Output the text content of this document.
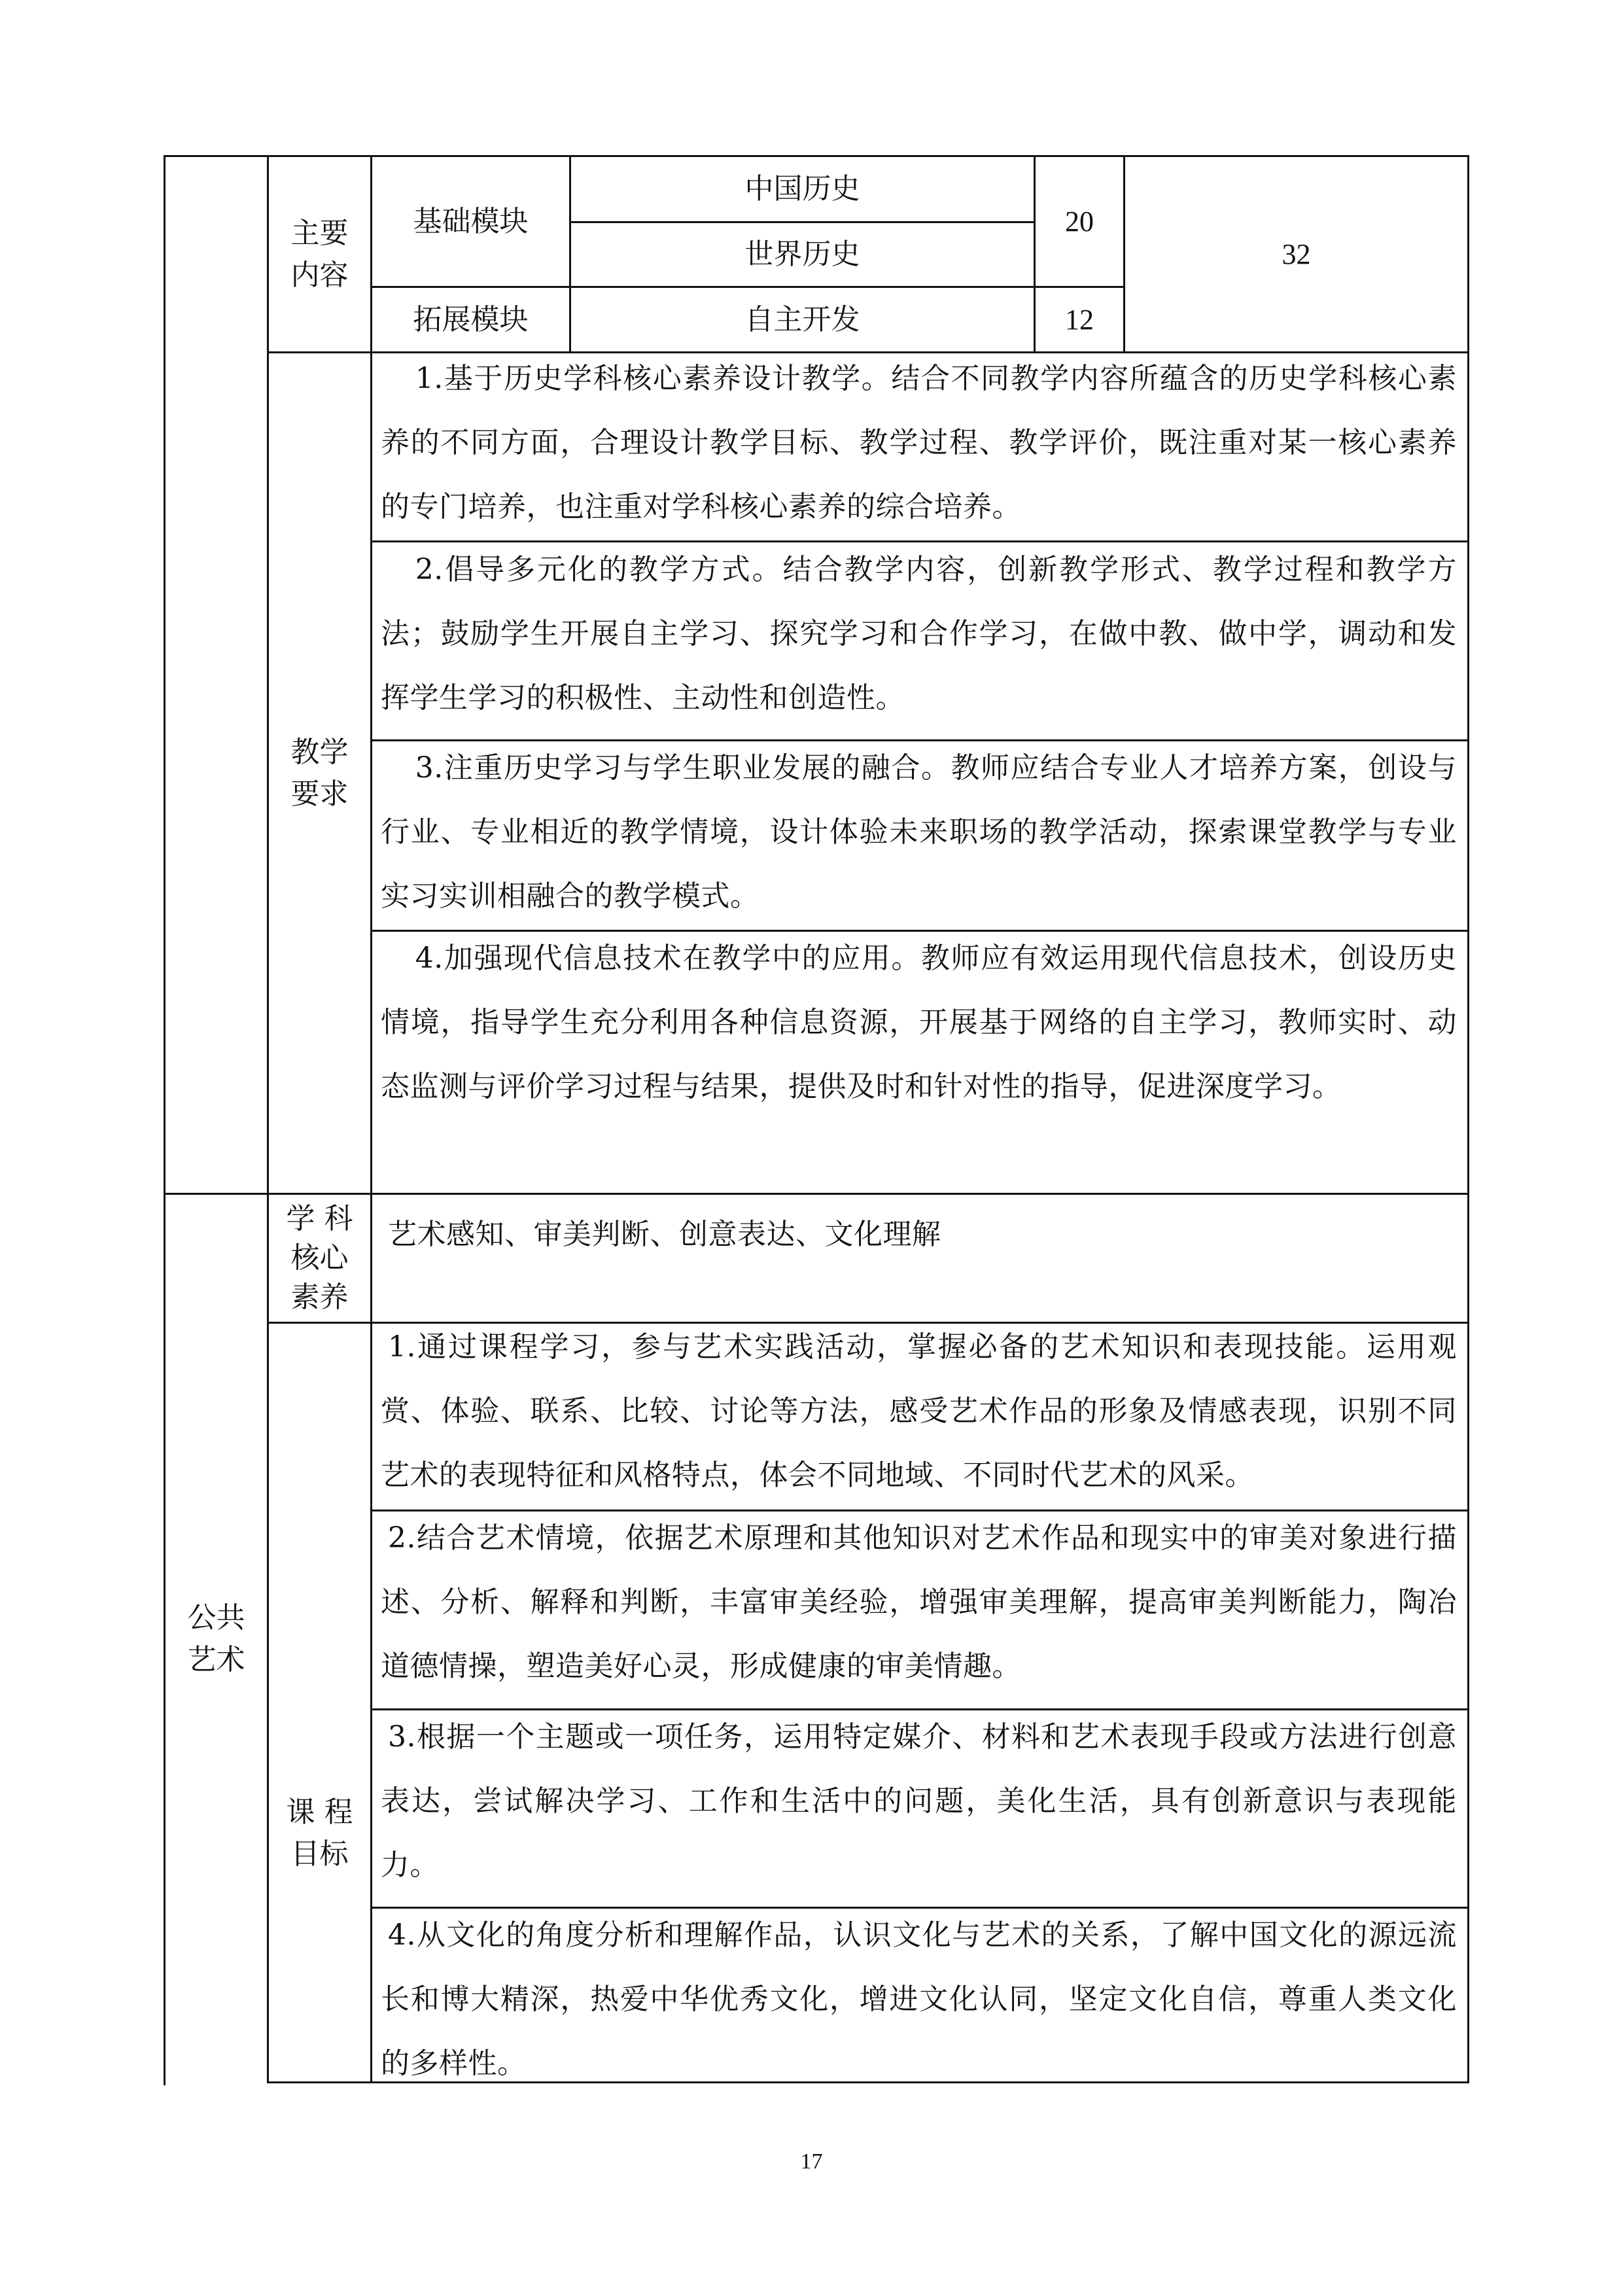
主要
内容
基础模块
中国历史
世界历史
20
拓展模块	自主开发	12
32
教学
要求
1.基于历史学科核心素养设计教学。结合不同教学内容所蕴含的历史学科核心素养的不同方面，合理设计教学目标、教学过程、教学评价，既注重对某一核心素养的专门培养，也注重对学科核心素养的综合培养。
2.倡导多元化的教学方式。结合教学内容，创新教学形式、教学过程和教学方法；鼓励学生开展自主学习、探究学习和合作学习，在做中教、做中学，调动和发挥学生学习的积极性、主动性和创造性。
3.注重历史学习与学生职业发展的融合。教师应结合专业人才培养方案，创设与行业、专业相近的教学情境，设计体验未来职场的教学活动，探索课堂教学与专业实习实训相融合的教学模式。
4.加强现代信息技术在教学中的应用。教师应有效运用现代信息技术，创设历史情境，指导学生充分利用各种信息资源，开展基于网络的自主学习，教师实时、动态监测与评价学习过程与结果，提供及时和针对性的指导，促进深度学习。
公共
艺术
学 科
核心
素养
艺术感知、审美判断、创意表达、文化理解
课 程
目标
1.通过课程学习，参与艺术实践活动，掌握必备的艺术知识和表现技能。运用观赏、体验、联系、比较、讨论等方法，感受艺术作品的形象及情感表现，识别不同艺术的表现特征和风格特点，体会不同地域、不同时代艺术的风采。
2.结合艺术情境，依据艺术原理和其他知识对艺术作品和现实中的审美对象进行描述、分析、解释和判断，丰富审美经验，增强审美理解，提高审美判断能力，陶冶道德情操，塑造美好心灵，形成健康的审美情趣。
3.根据一个主题或一项任务，运用特定媒介、材料和艺术表现手段或方法进行创意表达，尝试解决学习、工作和生活中的问题，美化生活，具有创新意识与表现能力。
4.从文化的角度分析和理解作品，认识文化与艺术的关系，了解中国文化的源远流长和博大精深，热爱中华优秀文化，增进文化认同，坚定文化自信，尊重人类文化的多样性。
17
